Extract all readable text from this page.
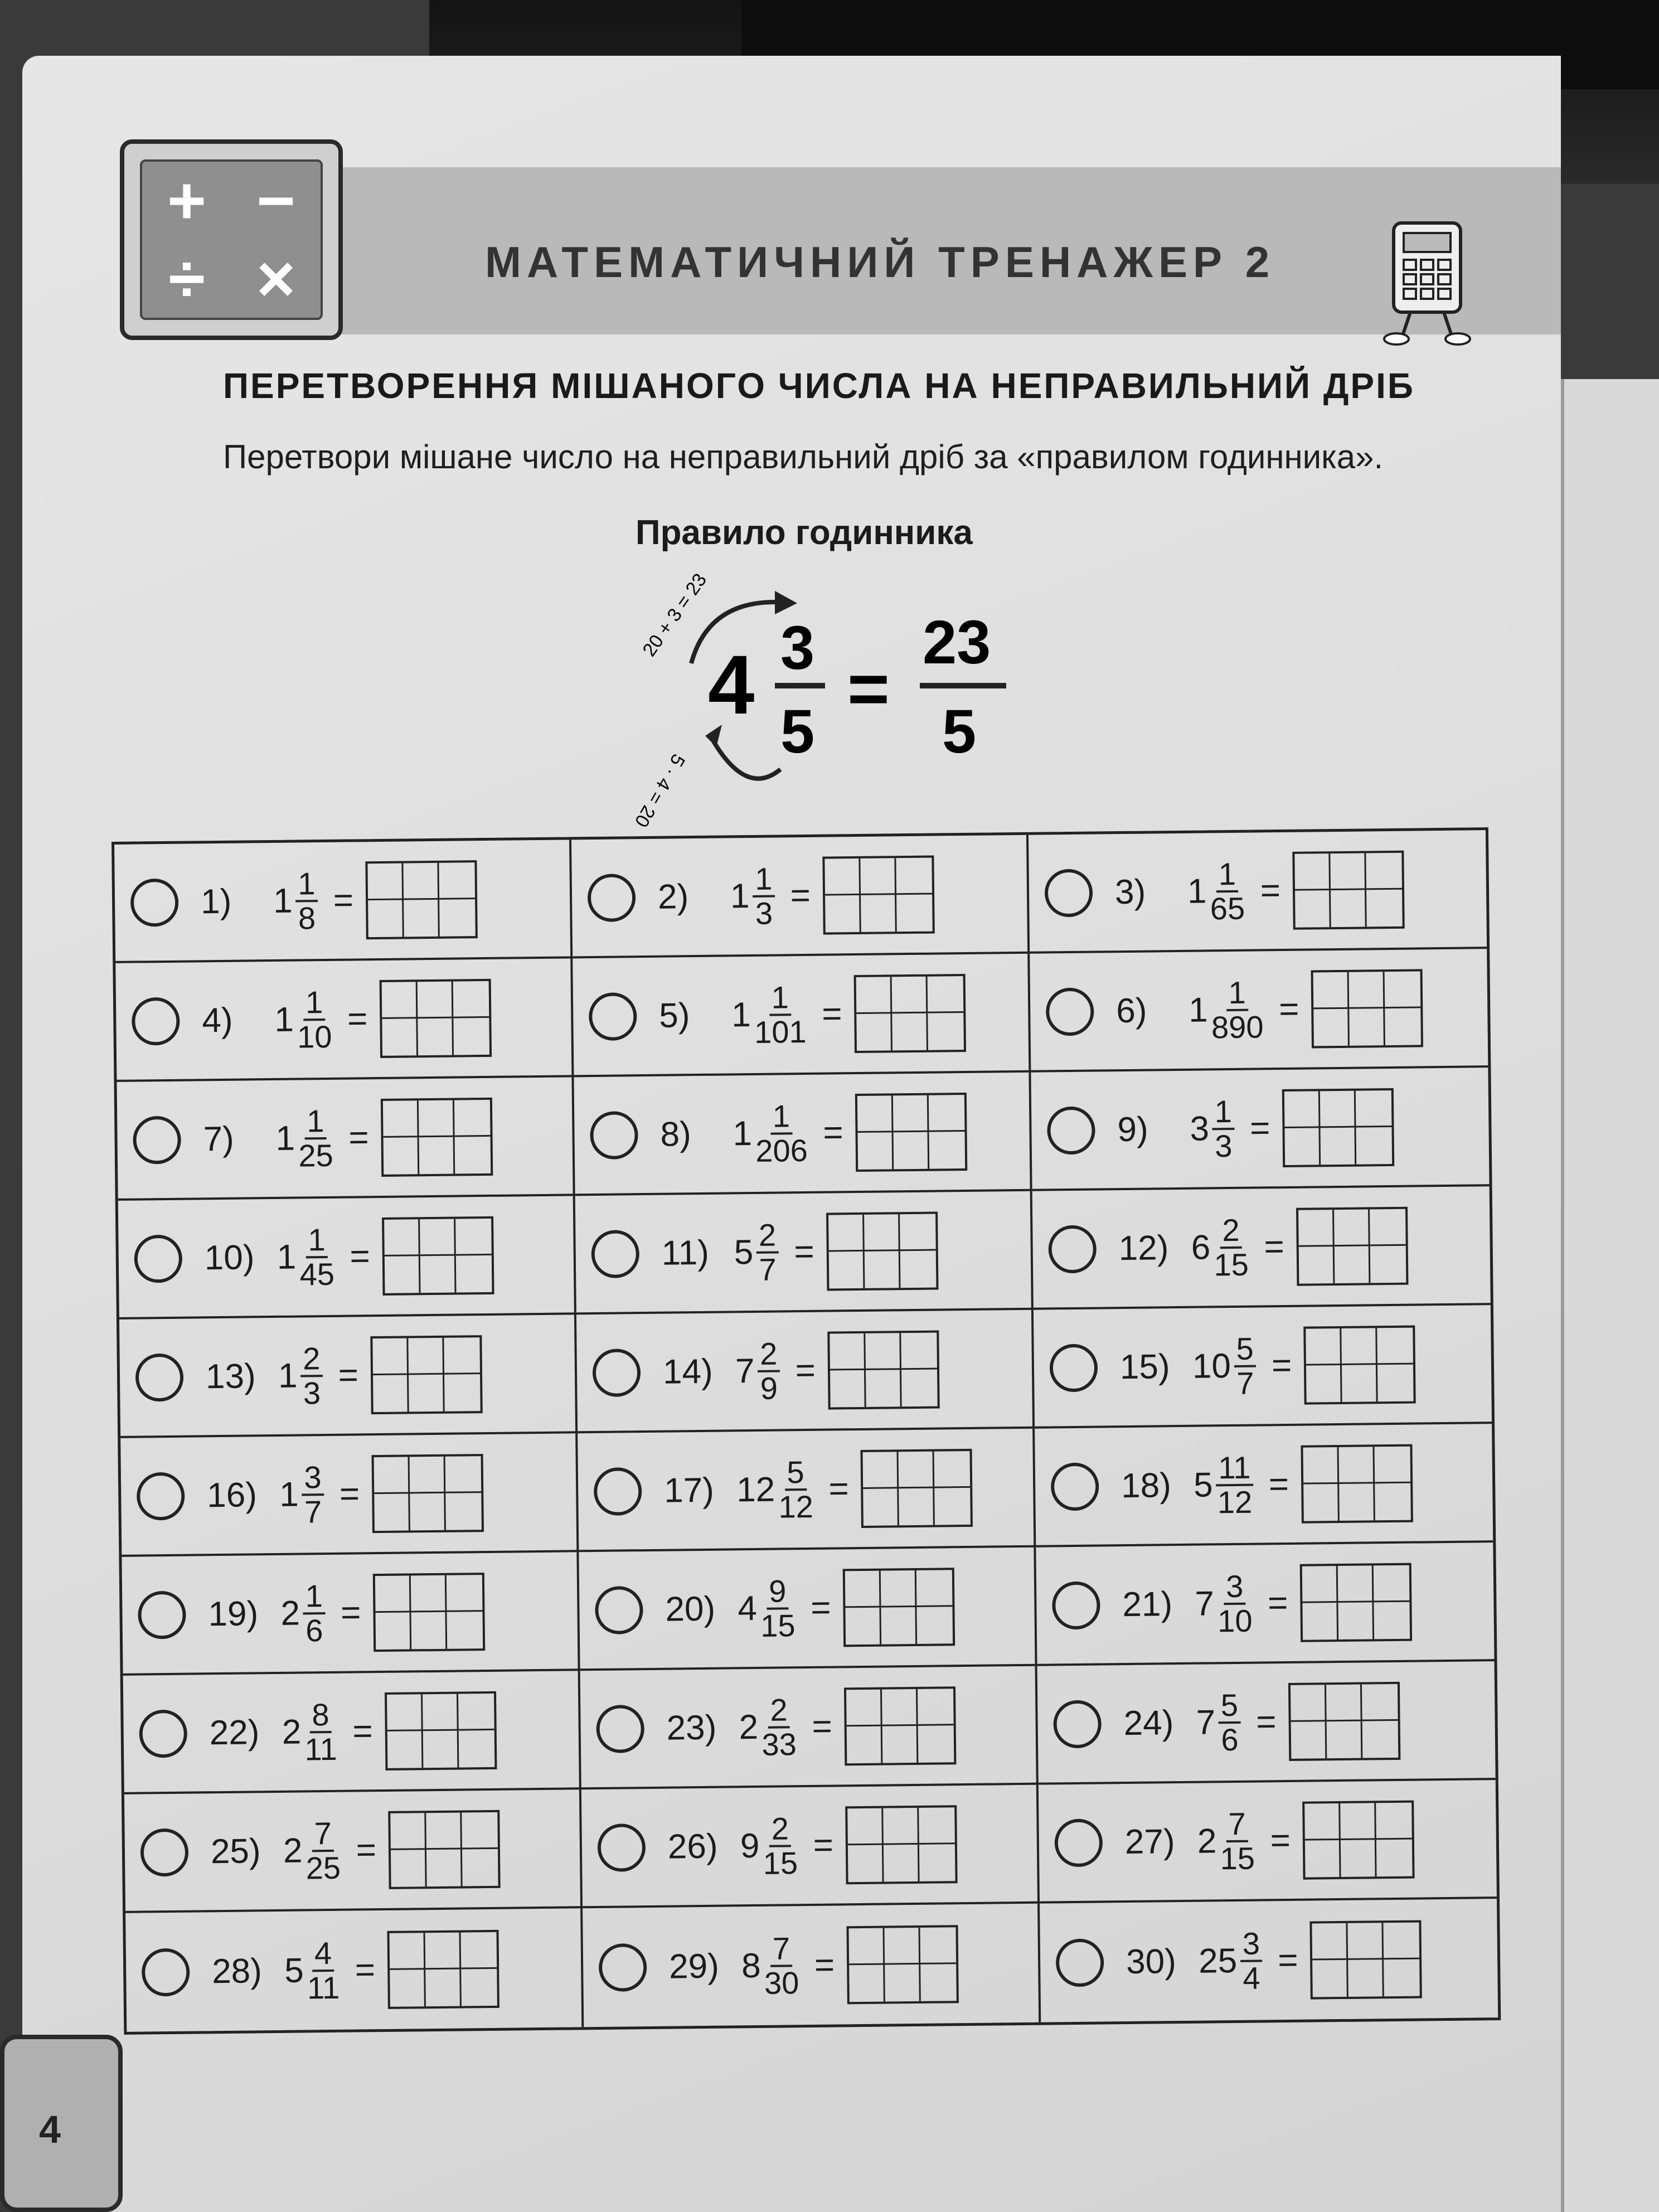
+ −
÷ ×	МАТЕМАТИЧНИЙ ТРЕНАЖЕР 2
ПЕРЕТВОРЕННЯ МІШАНОГО ЧИСЛА НА НЕПРАВИЛЬНИЙ ДРІБ
Перетвори мішане число на неправильний дріб за «правилом годинника».
Правило годинника
20 + 3 = 23
4 3
5
=
23
5
5 · 4 = 20
1)	$1 \frac{1}{8}$ =	2)	$1 \frac{1}{3}$ =	3)	$1 \frac{1}{65}$ =
4)	$1 \frac{1}{10}$ =	5)	$1 \frac{1}{101}$ =	6)	$1 \frac{1}{890}$ =
7)	$1 \frac{1}{25}$ =	8)	$1 \frac{1}{206}$ =	9)	$3 \frac{1}{3}$ =
10) $1 \frac{1}{45}$ =	11) $5 \frac{2}{7}$ =	12) $6 \frac{2}{15}$ =
13) $1 \frac{2}{3}$ =	14) $7 \frac{2}{9}$ =	15) $10 \frac{5}{7}$ =
16) $1 \frac{3}{7}$ =	17) $12 \frac{5}{12}$ =	18) $5 \frac{11}{12}$ =
19) $2 \frac{1}{6}$ =	20) $4 \frac{9}{15}$ =	21) $7 \frac{3}{10}$ =
22) $2 \frac{8}{11}$ =	23) $2 \frac{2}{33}$ =	24) $7 \frac{5}{6}$ =
25) $2 \frac{7}{25}$ =	26) $9 \frac{2}{15}$ =	27) $2 \frac{7}{15}$ =
28) $5 \frac{4}{11}$ =	29) $8 \frac{7}{30}$ =	30) $25 \frac{3}{4}$ =
4
